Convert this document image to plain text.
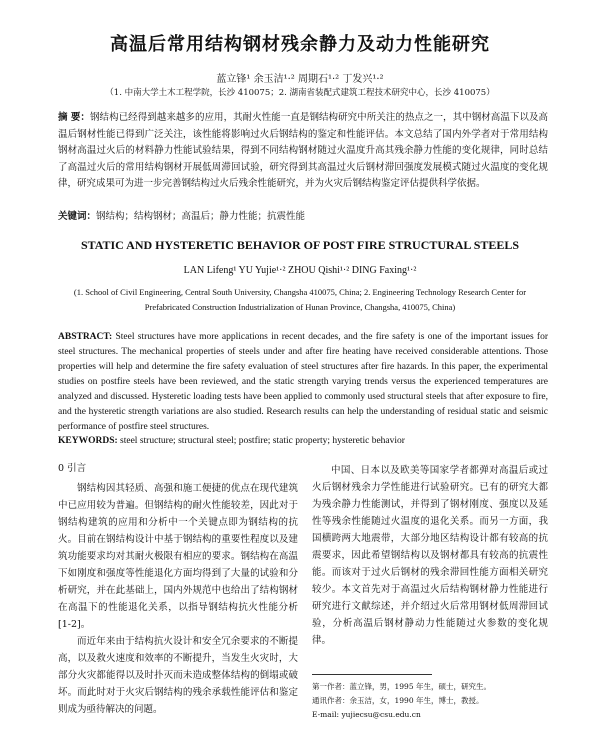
高温后常用结构钢材残余静力及动力性能研究
蓝立锋¹ 余玉洁¹·² 周期石¹·² 丁发兴¹·²
（1. 中南大学土木工程学院，长沙 410075；2. 湖南省装配式建筑工程技术研究中心，长沙 410075）
摘 要：钢结构已经得到越来越多的应用，其耐火性能一直是钢结构研究中所关注的热点之一，其中钢材高温下以及高温后钢材性能已得到广泛关注，该性能将影响过火后钢结构的鉴定和性能评估。本文总结了国内外学者对于常用结构钢材高温过火后的材料静力性能试验结果，得到不同结构钢材随过火温度升高其残余静力性能的变化规律，同时总结了高温过火后的常用结构钢材开展低周滞回试验，研究得到其高温过火后钢材滞回强度发展模式随过火温度的变化规律，研究成果可为进一步完善钢结构过火后残余性能研究，并为火灾后钢结构鉴定评估提供科学依据。
关键词：钢结构；结构钢材；高温后；静力性能；抗震性能
STATIC AND HYSTERETIC BEHAVIOR OF POST FIRE STRUCTURAL STEELS
LAN Lifeng¹ YU Yujie¹·² ZHOU Qishi¹·² DING Faxing¹·²
(1. School of Civil Engineering, Central South University, Changsha 410075, China; 2. Engineering Technology Research Center for
Prefabricated Construction Industrialization of Hunan Province, Changsha, 410075, China)
ABSTRACT: Steel structures have more applications in recent decades, and the fire safety is one of the important issues for steel structures. The mechanical properties of steels under and after fire heating have received considerable attentions. Those properties will help and determine the fire safety evaluation of steel structures after fire hazards. In this paper, the experimental studies on postfire steels have been reviewed, and the static strength varying trends versus the experienced temperatures are analyzed and discussed. Hysteretic loading tests have been applied to commonly used structural steels that after exposure to fire, and the hysteretic strength variations are also studied. Research results can help the understanding of residual static and seismic performance of postfire steel structures.
KEYWORDS: steel structure; structural steel; postfire; static property; hysteretic behavior
0 引言

钢结构因其轻质、高强和施工便捷的优点在现代建筑中已应用较为普遍。但钢结构的耐火性能较差，因此对于钢结构建筑的应用和分析中一个关键点即为钢结构的抗火。目前在钢结构设计中基于钢结构的重要性程度以及建筑功能要求均对其耐火极限有相应的要求。钢结构在高温下如刚度和强度等性能退化方面均得到了大量的试验和分析研究，并在此基础上，国内外规范中也给出了结构钢材在高温下的性能退化关系，以指导钢结构抗火性能分析[1-2]。

而近年来由于结构抗火设计和安全冗余要求的不断提高，以及救火速度和效率的不断提升，当发生火灾时，大部分火灾都能得以及时扑灭而未造成整体结构的倒塌或破坏。而此时对于火灾后钢结构的残余承载性能评估和鉴定则成为亟待解决的问题。

中国、日本以及欧美等国家学者都弹对高温后或过火后钢材残余力学性能进行试验研究。已有的研究大都为残余静力性能测试，并得到了钢材刚度、强度以及延性等残余性能随过火温度的退化关系。而另一方面，我国横跨两大地震带，大部分地区结构设计都有较高的抗震要求，因此希望钢结构以及钢材都具有较高的抗震性能。而该对于过火后钢材的残余滞回性能方面相关研究较少。本文首先对于高温过火后结构钢材静力性能进行研究进行文献综述，并介绍过火后常用钢材低周滞回试验，分析高温后钢材静动力性能随过火参数的变化规律。

第一作者：蓝立锋，男，1995 年生，硕士，研究生。
通讯作者：余玉洁，女，1990 年生，博士，教授。
E-mail: yujiecsu@csu.edu.cn
